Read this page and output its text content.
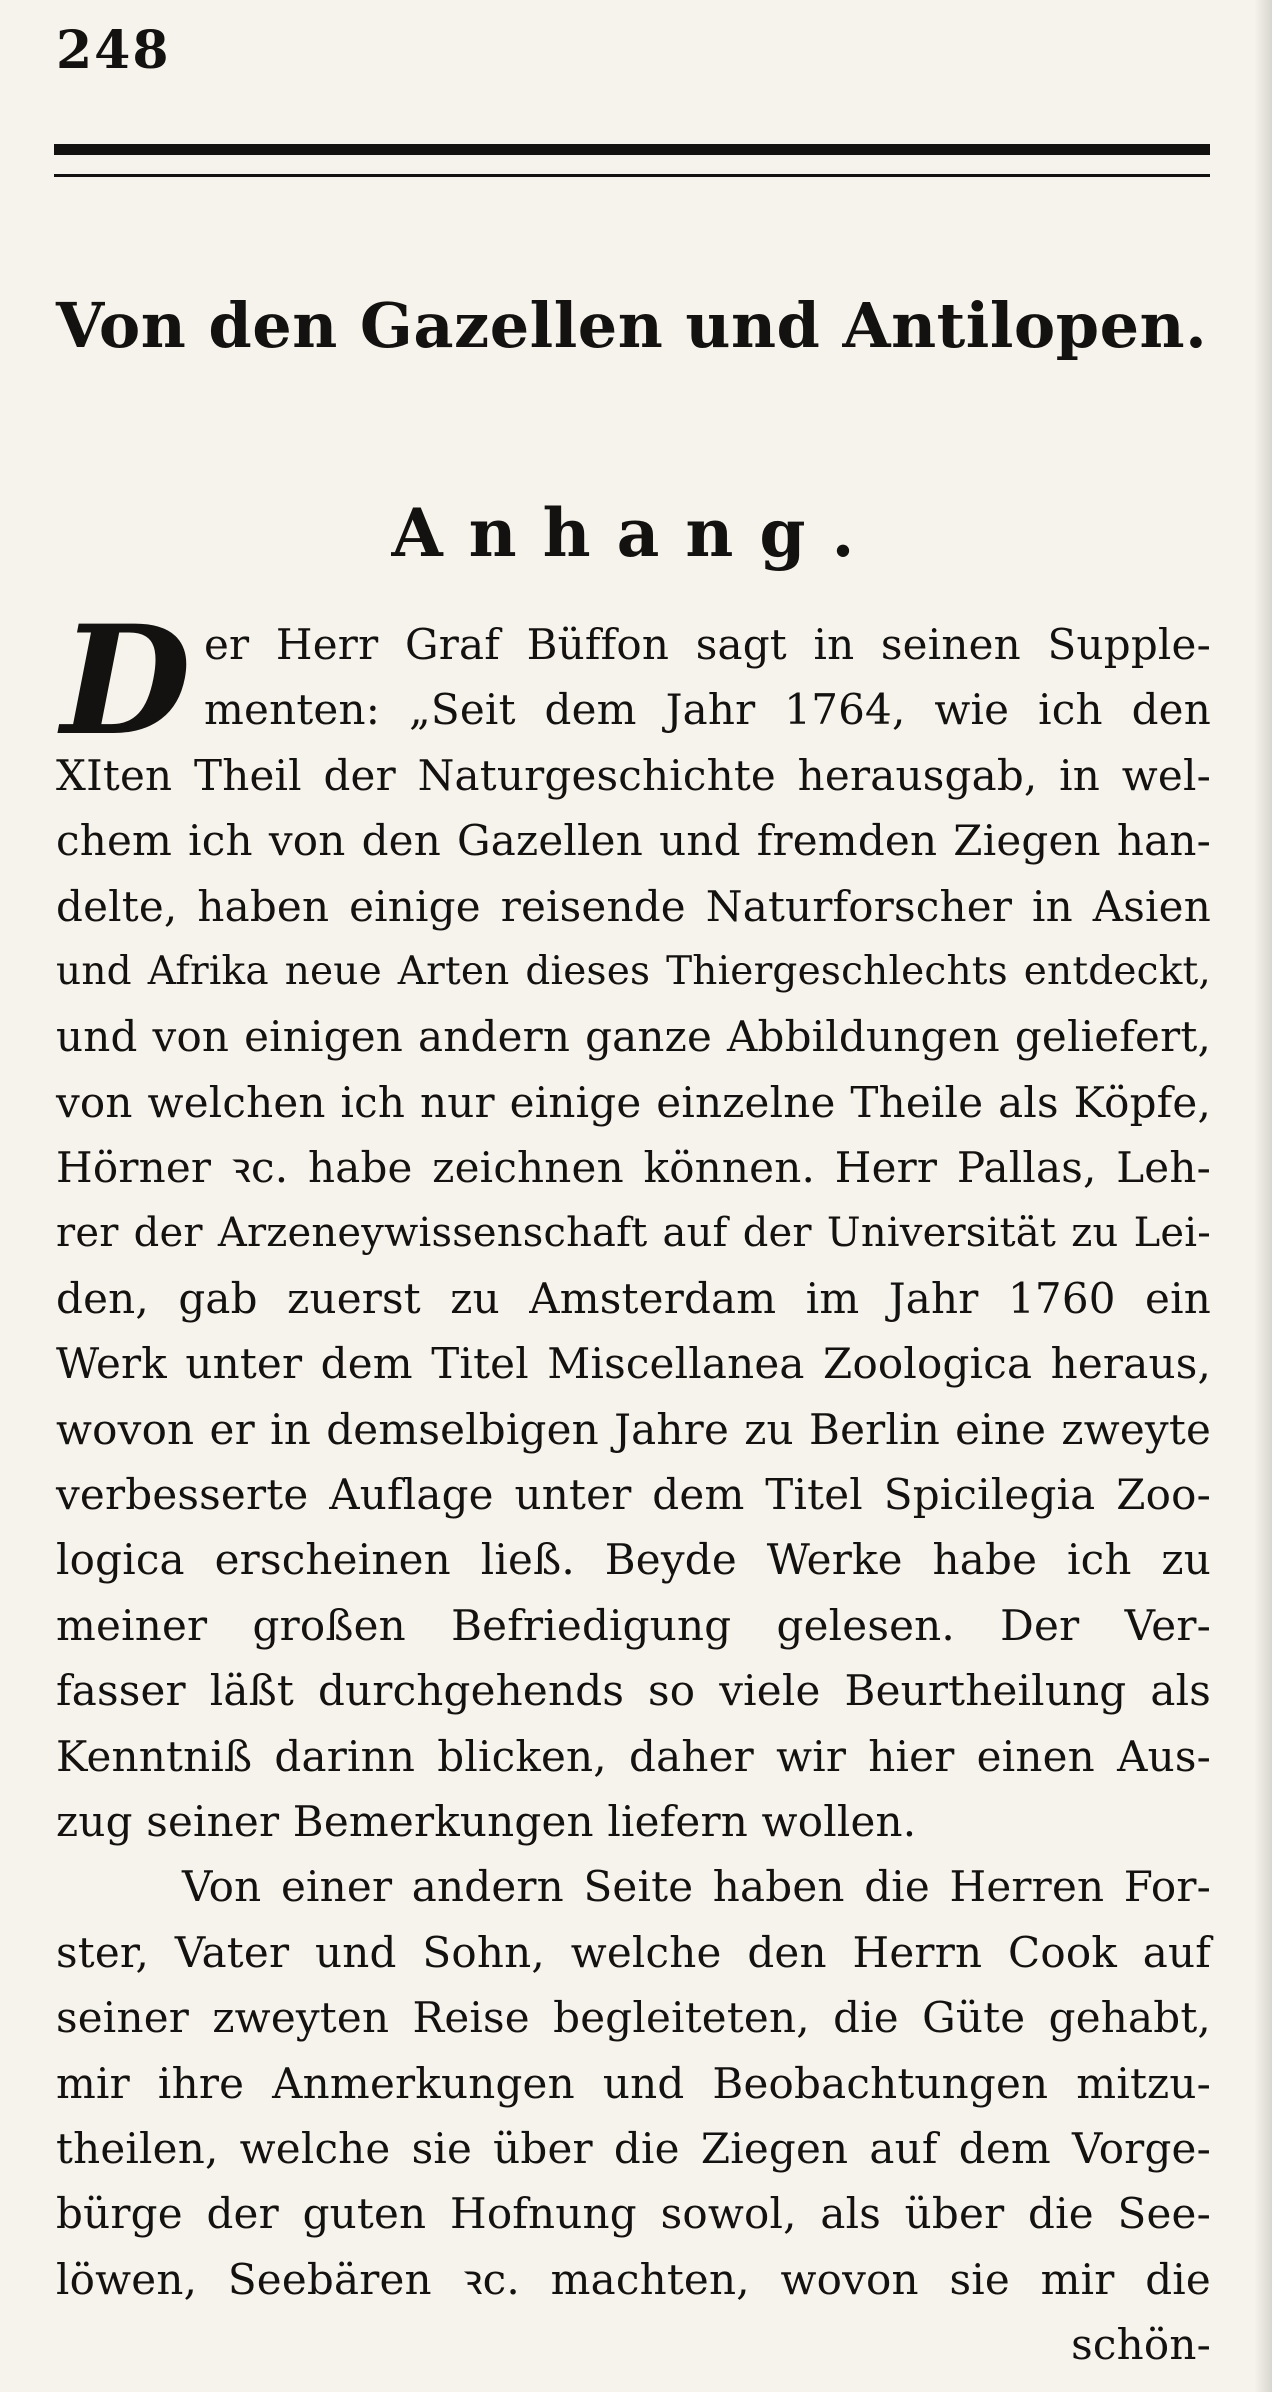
248
Von den Gazellen und Antilopen.
Anhang.
D er Herr Graf Büffon sagt in seinen Supple-
menten: „Seit dem Jahr 1764, wie ich den
XIten Theil der Naturgeschichte herausgab, in wel-
chem ich von den Gazellen und fremden Ziegen han-
delte, haben einige reisende Naturforscher in Asien
und Afrika neue Arten dieses Thiergeschlechts entdeckt,
und von einigen andern ganze Abbildungen geliefert,
von welchen ich nur einige einzelne Theile als Köpfe,
Hörner ꝛc. habe zeichnen können. Herr Pallas, Leh-
rer der Arzeneywissenschaft auf der Universität zu Lei-
den, gab zuerst zu Amsterdam im Jahr 1760 ein
Werk unter dem Titel Miscellanea Zoologica heraus,
wovon er in demselbigen Jahre zu Berlin eine zweyte
verbesserte Auflage unter dem Titel Spicilegia Zoo-
logica erscheinen ließ. Beyde Werke habe ich zu
meiner großen Befriedigung gelesen. Der Ver-
fasser läßt durchgehends so viele Beurtheilung als
Kenntniß darinn blicken, daher wir hier einen Aus-
zug seiner Bemerkungen liefern wollen.
Von einer andern Seite haben die Herren For-
ster, Vater und Sohn, welche den Herrn Cook auf
seiner zweyten Reise begleiteten, die Güte gehabt,
mir ihre Anmerkungen und Beobachtungen mitzu-
theilen, welche sie über die Ziegen auf dem Vorge-
bürge der guten Hofnung sowol, als über die See-
löwen, Seebären ꝛc. machten, wovon sie mir die
schön-
